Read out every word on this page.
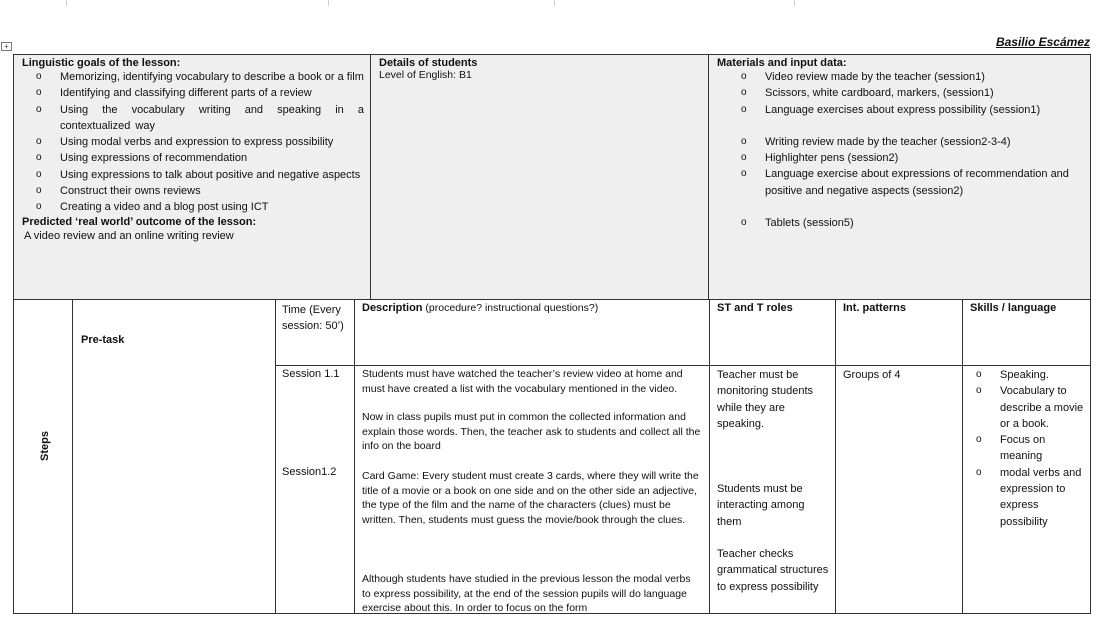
Basilio Escámez
+
Linguistic goals of the lesson:
o Memorizing, identifying vocabulary to describe a book or a film
o Identifying and classifying different parts of a review
o Using the vocabulary writing and speaking in a contextualized way
o Using modal verbs and expression to express possibility
o Using expressions of recommendation
o Using expressions to talk about positive and negative aspects
o Construct their owns reviews
o Creating a video and a blog post using ICT
Predicted ‘real world’ outcome of the lesson:
A video review and an online writing review
Details of students
Level of English: B1
Materials and input data:
o Video review made by the teacher (session1)
o Scissors, white cardboard, markers, (session1)
o Language exercises about express possibility (session1)
o Writing review made by the teacher (session2-3-4)
o Highlighter pens (session2)
o Language exercise about expressions of recommendation and positive and negative aspects (session2)
o Tablets (session5)
Steps
Pre-task
Time (Every session: 50’)
Description (procedure? instructional questions?)	ST and T roles	Int. patterns	Skills / language
Session 1.1
Session1.2

Students must have watched the teacher’s review video at home and must have created a list with the vocabulary mentioned in the video.

Now in class pupils must put in common the collected information and explain those words. Then, the teacher ask to students and collect all the info on the board

Card Game: Every student must create 3 cards, where they will write the title of a movie or a book on one side and on the other side an adjective, the type of the film and the name of the characters (clues) must be written. Then, students must guess the movie/book through the clues.

Although students have studied in the previous lesson the modal verbs to express possibility, at the end of the session pupils will do language exercise about this. In order to focus on the form

Teacher must be monitoring students while they are speaking.
Students must be interacting among them
Teacher checks grammatical structures to express possibility
Groups of 4
o	Speaking.
o Vocabulary to describe a movie or a book.
o Focus on meaning
o modal verbs and expression to express possibility
